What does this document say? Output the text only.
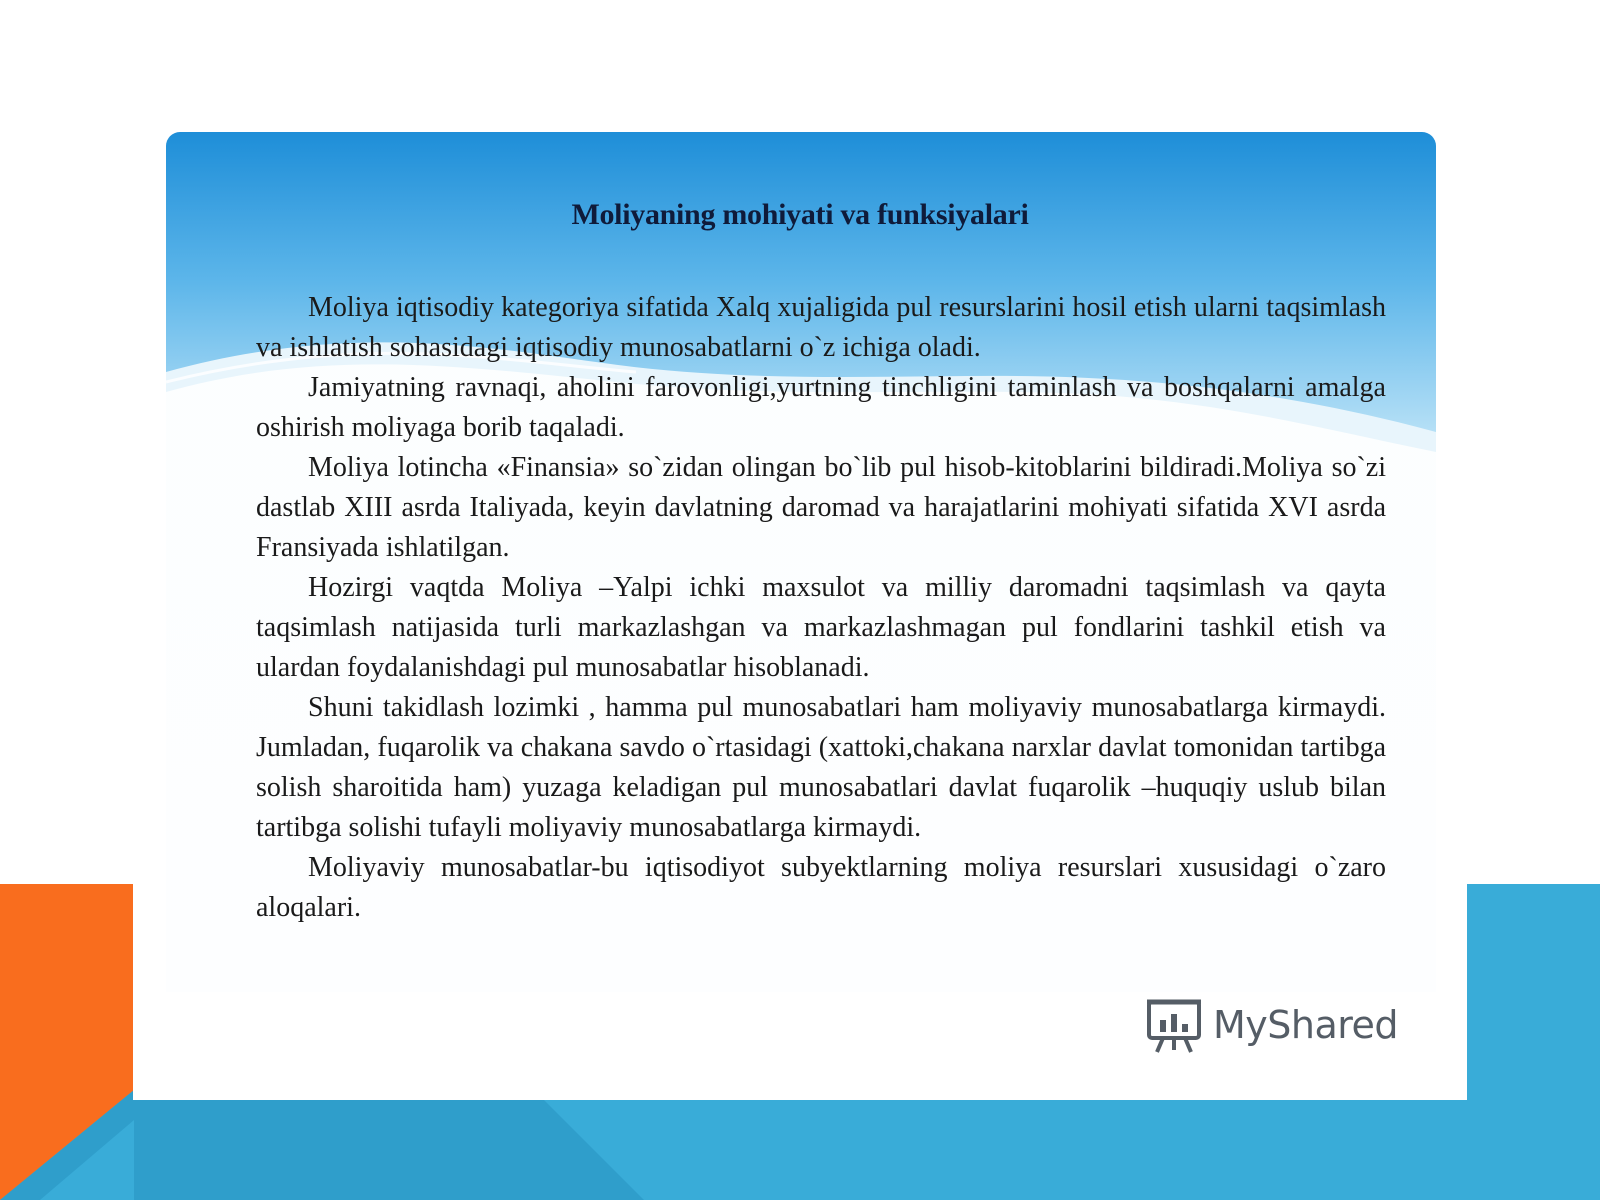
Moliyaning mohiyati va funksiyalari

Moliya iqtisodiy kategoriya sifatida Xalq xujaligida pul resurslarini hosil etish ularni taqsimlash va ishlatish sohasidagi iqtisodiy munosabatlarni o`z ichiga oladi.

Jamiyatning ravnaqi, aholini farovonligi,yurtning tinchligini taminlash va boshqalarni amalga oshirish moliyaga borib taqaladi.

Moliya lotincha «Finansia» so`zidan olingan bo`lib pul hisob-kitoblarini bildiradi.Moliya so`zi dastlab XIII asrda Italiyada, keyin davlatning daromad va harajatlarini mohiyati sifatida XVI asrda Fransiyada ishlatilgan.

Hozirgi vaqtda Moliya –Yalpi ichki maxsulot va milliy daromadni taqsimlash va qayta taqsimlash natijasida turli markazlashgan va markazlashmagan pul fondlarini tashkil etish va ulardan foydalanishdagi pul munosabatlar hisoblanadi.

Shuni takidlash lozimki , hamma pul munosabatlari ham moliyaviy munosabatlarga kirmaydi. Jumladan, fuqarolik va chakana savdo o`rtasidagi (xattoki,chakana narxlar davlat tomonidan tartibga solish sharoitida ham) yuzaga keladigan pul munosabatlari davlat fuqarolik –huquqiy uslub bilan tartibga solishi tufayli moliyaviy munosabatlarga kirmaydi.

Moliyaviy munosabatlar-bu iqtisodiyot subyektlarning moliya resurslari xususidagi o`zaro aloqalari.

MyShared
